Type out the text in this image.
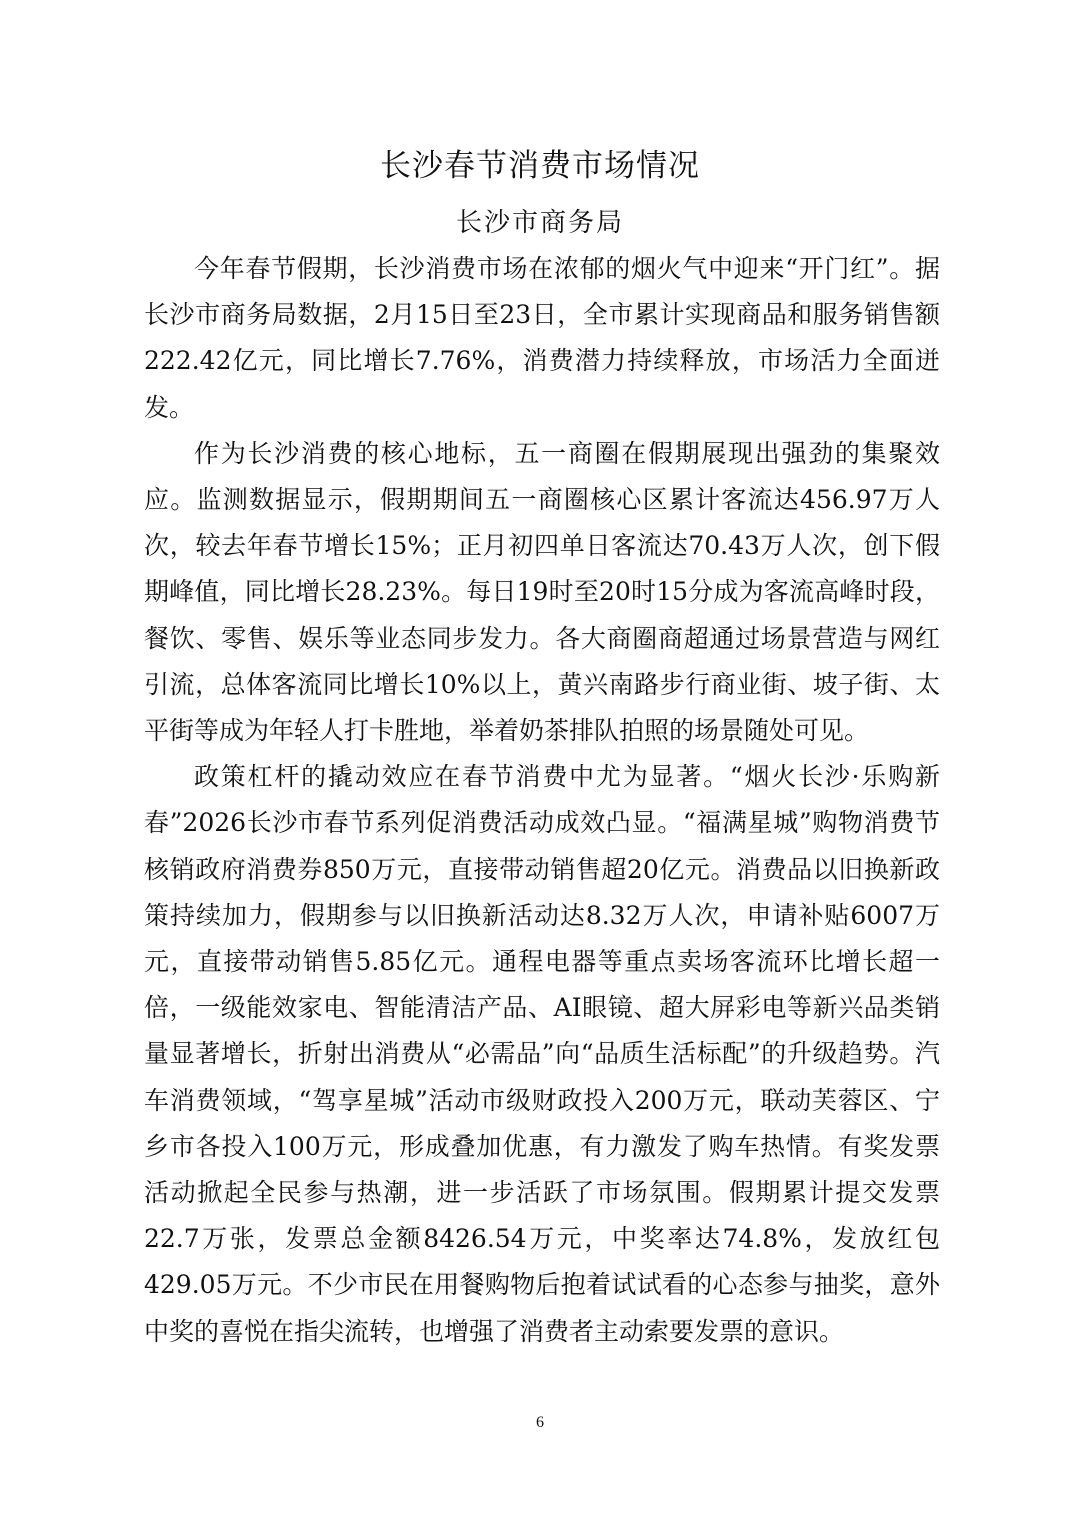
长沙春节消费市场情况
长沙市商务局

今年春节假期，长沙消费市场在浓郁的烟火气中迎来“开门红”。据长沙市商务局数据，2月15日至23日，全市累计实现商品和服务销售额222.42亿元，同比增长7.76%，消费潜力持续释放，市场活力全面迸发。

作为长沙消费的核心地标，五一商圈在假期展现出强劲的集聚效应。监测数据显示，假期期间五一商圈核心区累计客流达456.97万人次，较去年春节增长15%；正月初四单日客流达70.43万人次，创下假期峰值，同比增长28.23%。每日19时至20时15分成为客流高峰时段，餐饮、零售、娱乐等业态同步发力。各大商圈商超通过场景营造与网红引流，总体客流同比增长10%以上，黄兴南路步行商业街、坡子街、太平街等成为年轻人打卡胜地，举着奶茶排队拍照的场景随处可见。

政策杠杆的撬动效应在春节消费中尤为显著。“烟火长沙·乐购新春”2026长沙市春节系列促消费活动成效凸显。“福满星城”购物消费节核销政府消费券850万元，直接带动销售超20亿元。消费品以旧换新政策持续加力，假期参与以旧换新活动达8.32万人次，申请补贴6007万元，直接带动销售5.85亿元。通程电器等重点卖场客流环比增长超一倍，一级能效家电、智能清洁产品、AI眼镜、超大屏彩电等新兴品类销量显著增长，折射出消费从“必需品”向“品质生活标配”的升级趋势。汽车消费领域，“驾享星城”活动市级财政投入200万元，联动芙蓉区、宁乡市各投入100万元，形成叠加优惠，有力激发了购车热情。有奖发票活动掀起全民参与热潮，进一步活跃了市场氛围。假期累计提交发票22.7万张，发票总金额8426.54万元，中奖率达74.8%，发放红包429.05万元。不少市民在用餐购物后抱着试试看的心态参与抽奖，意外中奖的喜悦在指尖流转，也增强了消费者主动索要发票的意识。

6
